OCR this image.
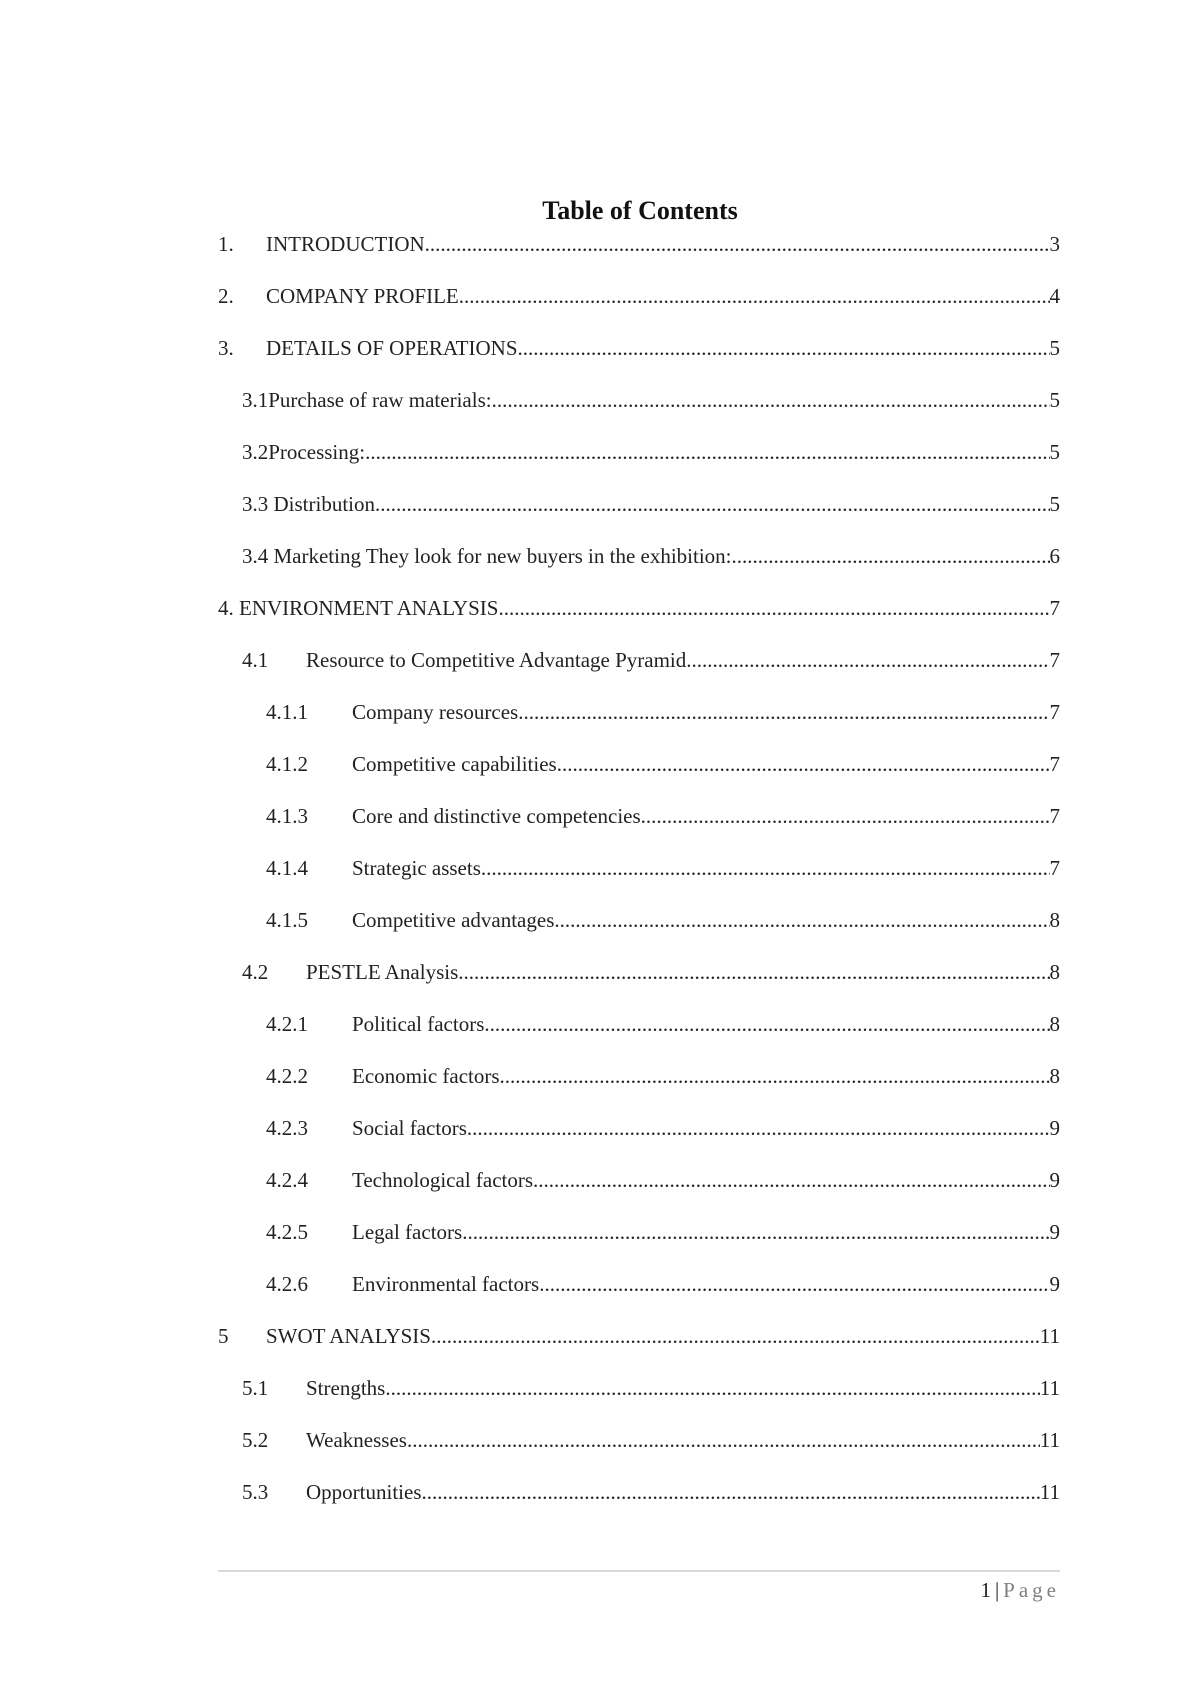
Table of Contents
1.	INTRODUCTION .....	3
2.	COMPANY PROFILE .....	4
3.	DETAILS OF OPERATIONS .....	5
3.1 Purchase of raw materials: .....	5
3.2 Processing: .....	5
3.3 Distribution .....	5
3.4 Marketing They look for new buyers in the exhibition: .....	6
4. ENVIRONMENT ANALYSIS .....	7
4.1	Resource to Competitive Advantage Pyramid .....	7
4.1.1	Company resources .....	7
4.1.2	Competitive capabilities .....	7
4.1.3	Core and distinctive competencies .....	7
4.1.4	Strategic assets .....	7
4.1.5	Competitive advantages .....	8
4.2	PESTLE Analysis .....	8
4.2.1	Political factors .....	8
4.2.2	Economic factors .....	8
4.2.3	Social factors .....	9
4.2.4	Technological factors .....	9
4.2.5	Legal factors .....	9
4.2.6	Environmental factors .....	9
5	SWOT ANALYSIS .....	11
5.1	Strengths .....	11
5.2	Weaknesses .....	11
5.3	Opportunities .....	11
1 | Page
